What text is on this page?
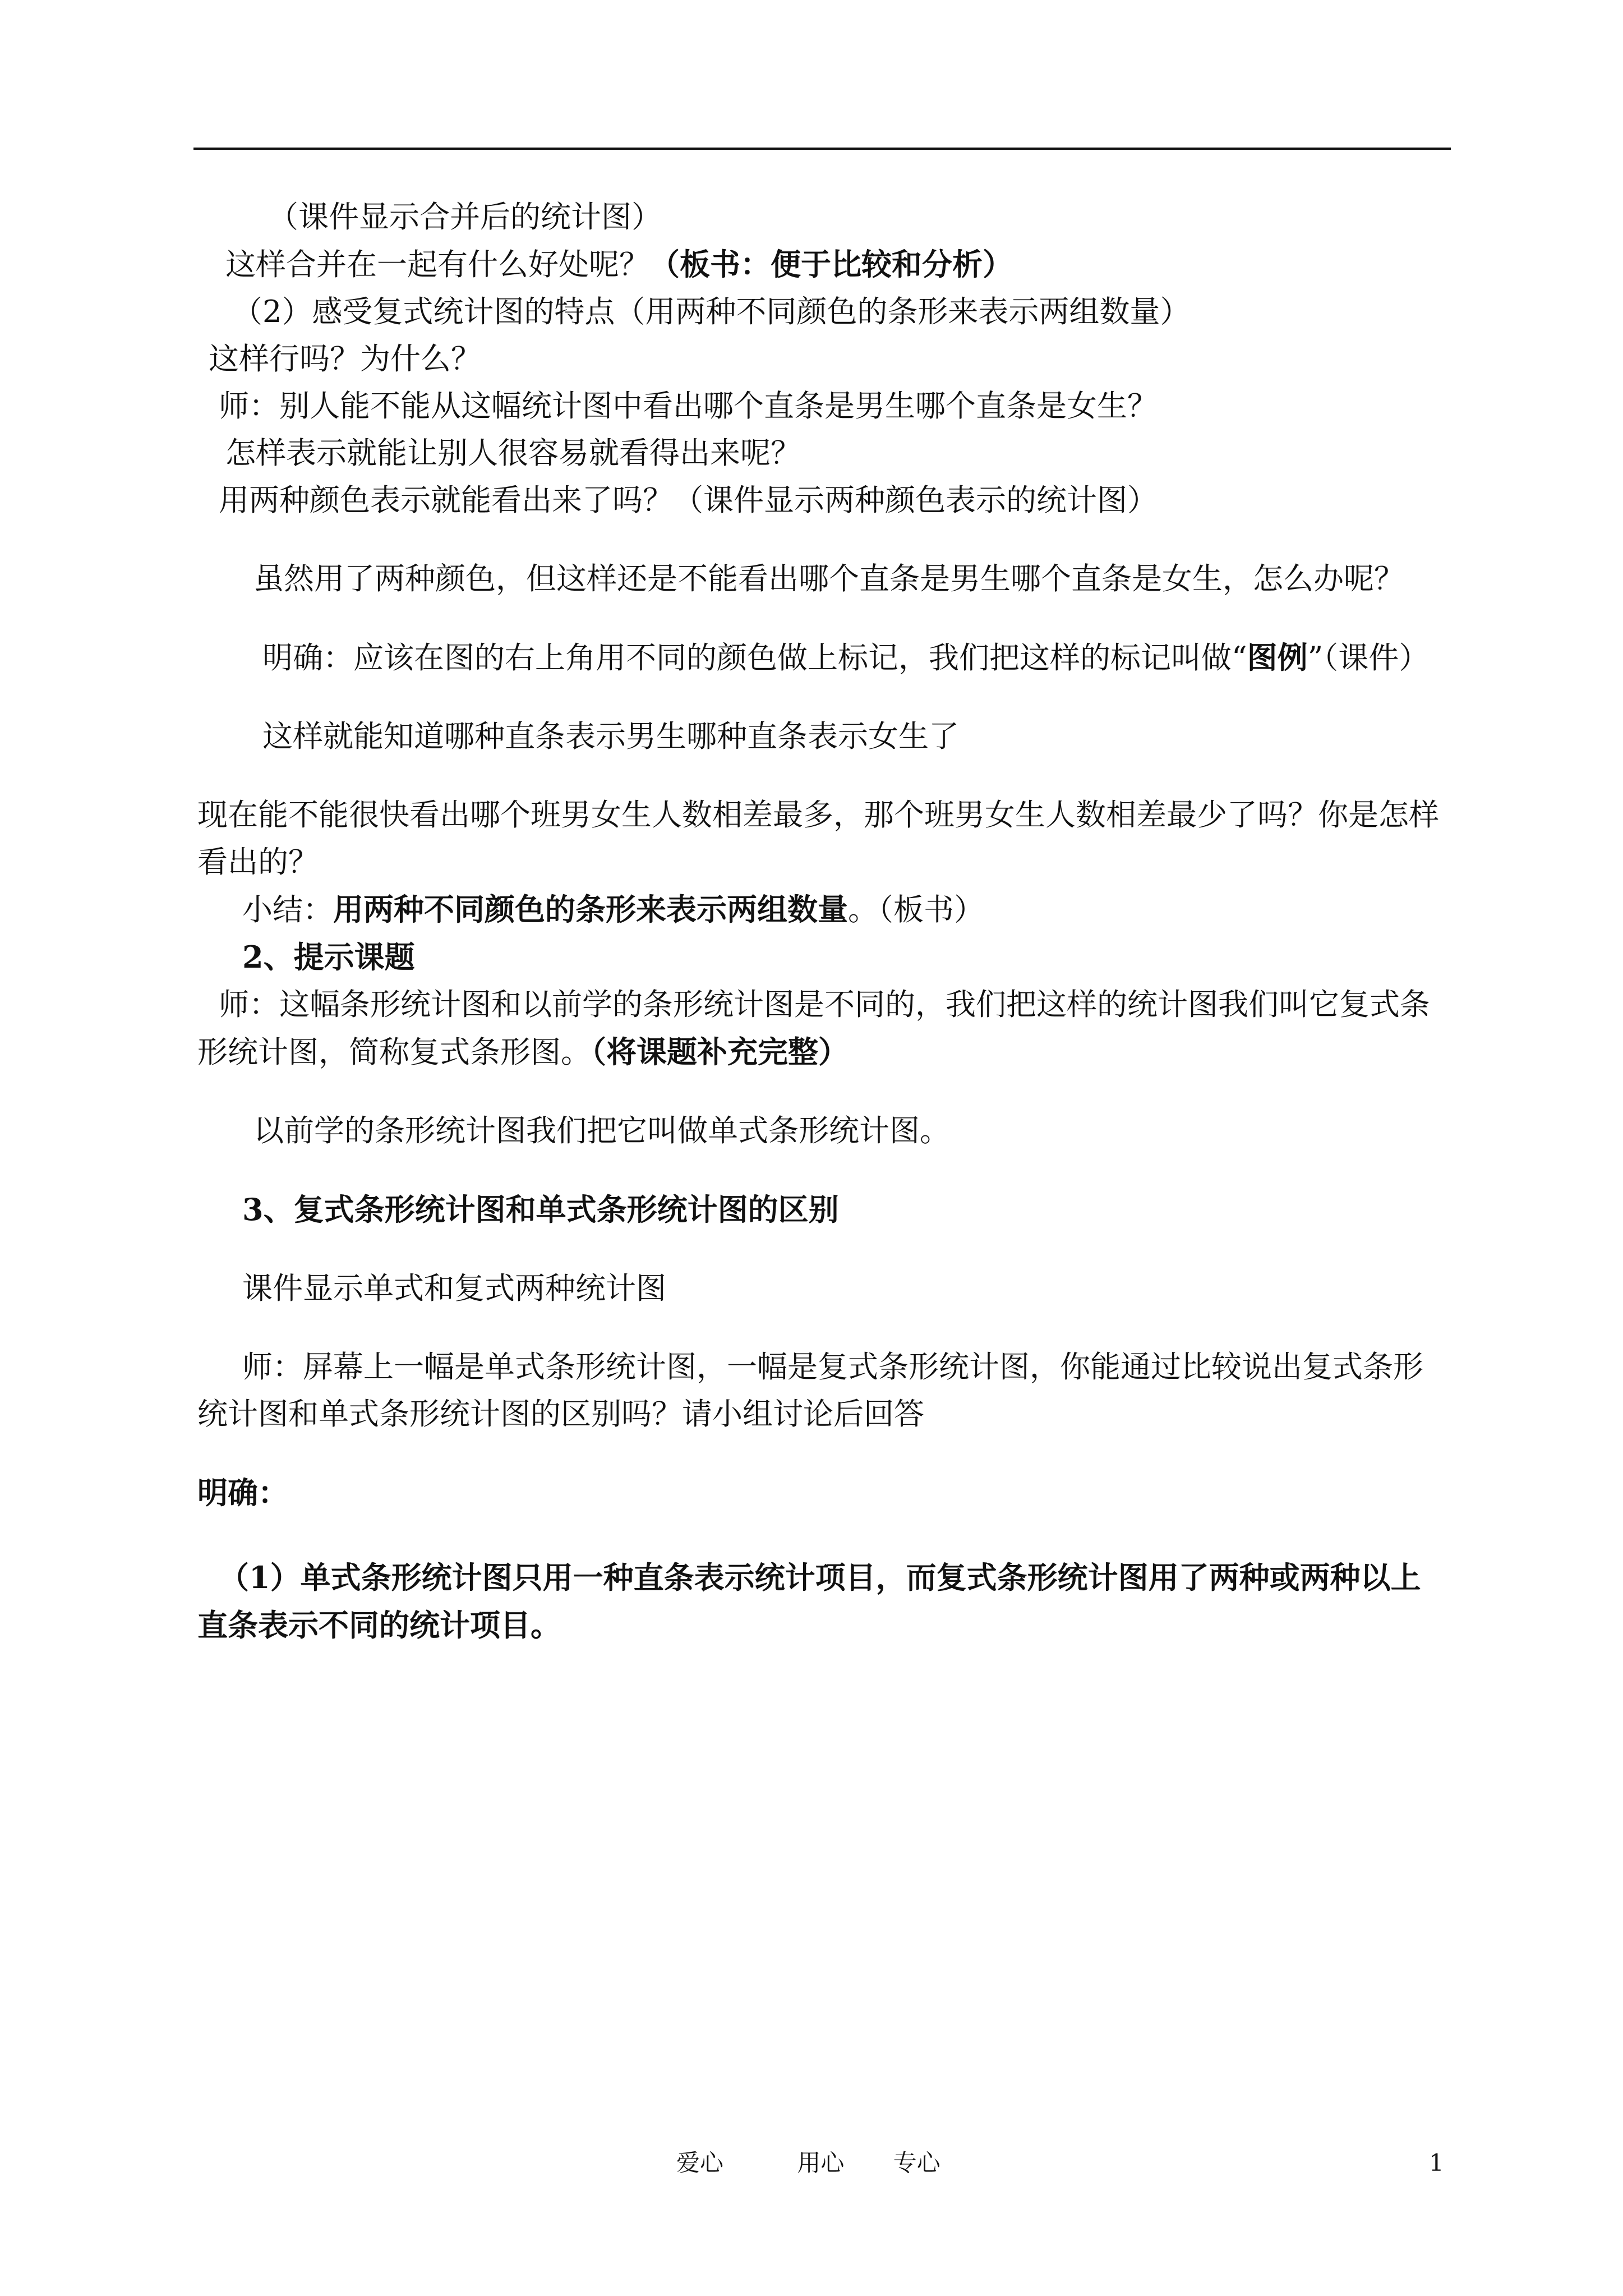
（课件显示合并后的统计图）

这样合并在一起有什么好处呢？（板书：便于比较和分析）

（2）感受复式统计图的特点（用两种不同颜色的条形来表示两组数量）

这样行吗？为什么？

师：别人能不能从这幅统计图中看出哪个直条是男生哪个直条是女生？

怎样表示就能让别人很容易就看得出来呢？

用两种颜色表示就能看出来了吗？（课件显示两种颜色表示的统计图）

虽然用了两种颜色，但这样还是不能看出哪个直条是男生哪个直条是女生，怎么办呢？

明确：应该在图的右上角用不同的颜色做上标记，我们把这样的标记叫做“图例”（课件）

这样就能知道哪种直条表示男生哪种直条表示女生了

现在能不能很快看出哪个班男女生人数相差最多，那个班男女生人数相差最少了吗？你是怎样看出的？

小结：用两种不同颜色的条形来表示两组数量。（板书）

2、提示课题

师：这幅条形统计图和以前学的条形统计图是不同的，我们把这样的统计图我们叫它复式条形统计图，简称复式条形图。（将课题补充完整）

以前学的条形统计图我们把它叫做单式条形统计图。

3、复式条形统计图和单式条形统计图的区别

课件显示单式和复式两种统计图

师：屏幕上一幅是单式条形统计图，一幅是复式条形统计图，你能通过比较说出复式条形统计图和单式条形统计图的区别吗？请小组讨论后回答

明确：

（1）单式条形统计图只用一种直条表示统计项目，而复式条形统计图用了两种或两种以上直条表示不同的统计项目。

爱心	用心 专心	1
